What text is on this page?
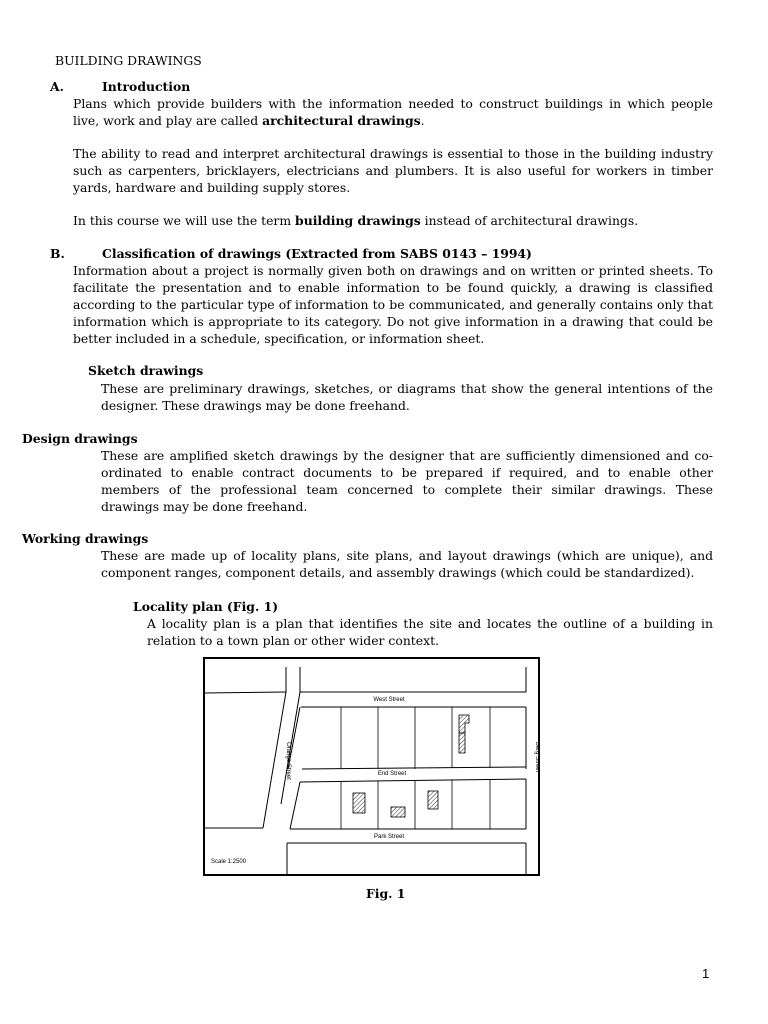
BUILDING DRAWINGS
A.	Introduction

Plans which provide builders with the information needed to construct buildings in which people live, work and play are called architectural drawings.

The ability to read and interpret architectural drawings is essential to those in the building industry such as carpenters, bricklayers, electricians and plumbers. It is also useful for workers in timber yards, hardware and building supply stores.

In this course we will use the term building drawings instead of architectural drawings.

B.	Classification of drawings (Extracted from SABS 0143 – 1994)

Information about a project is normally given both on drawings and on written or printed sheets. To facilitate the presentation and to enable information to be found quickly, a drawing is classified according to the particular type of information to be communicated, and generally contains only that information which is appropriate to its category. Do not give information in a drawing that could be better included in a schedule, specification, or information sheet.

Sketch drawings

These are preliminary drawings, sketches, or diagrams that show the general intentions of the designer. These drawings may be done freehand.

Design drawings

These are amplified sketch drawings by the designer that are sufficiently dimensioned and co-ordinated to enable contract documents to be prepared if required, and to enable other members of the professional team concerned to complete their similar drawings. These drawings may be done freehand.

Working drawings

These are made up of locality plans, site plans, and layout drawings (which are unique), and component ranges, component details, and assembly drawings (which could be standardized).

Locality plan (Fig. 1)

A locality plan is a plan that identifies the site and locates the outline of a building in relation to a town plan or other wider context.

West Street
End Street
Park Street
Orange Street	Berg Street
Scale 1:2500
Fig. 1
1
